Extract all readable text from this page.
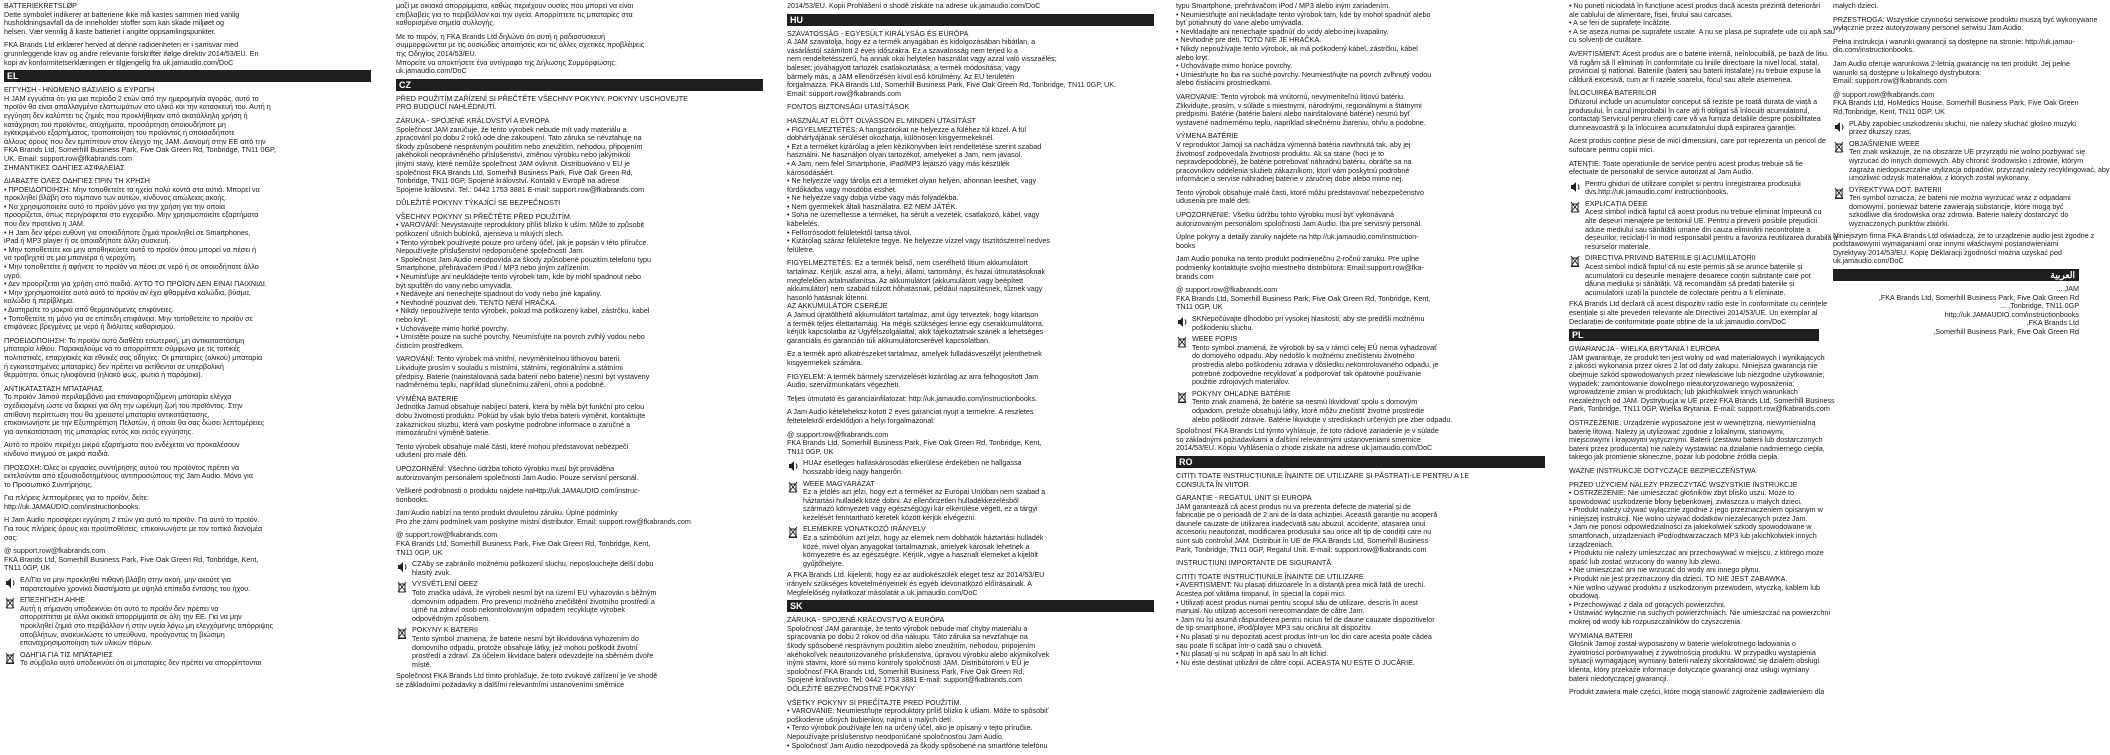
BATTERIEKRETSLØP
Dette symbolet indikerer at batteriene ikke må kastes sammen med vanlig
husholdningsavfall da de inneholder stoffer som kan skade miljøet og
helsen. Vær vennlig å kaste batteriet i angitte oppsamlingspunkter.

FKA Brands Ltd erklærer herved at denne radioenheten er i samsvar med
grunnleggende krav og andre relevante forskrifter ifølge direktiv 2014/53/EU. En
kopi av konformitetserklæringen er tilgjengelig fra uk.jamaudio.com/DoC
EL
ΕΓΓΥΗΣΗ - ΗΝΩΜΕΝΟ ΒΑΣΙΛΕΙΟ & ΕΥΡΩΠΗ
Η JAM εγγυάται ότι για μια περίοδο 2 ετών από την ημερομηνία αγοράς, αυτό το
προϊόν θα είναι απαλλαγμένο ελαττωμάτων στο υλικό και την κατασκευή του. Αυτή η
εγγύηση δεν καλύπτει τις ζημιές που προκλήθηκαν από ακατάλληλη χρήση ή
κατάχρηση του προϊόντος, ατυχήματα, προσάρτηση οποιουδήποτε μη
εγκεκριμένου εξαρτήματος, τροποποίηση του προϊόντος ή οποιασδήποτε
άλλους όρους που δεν εμπίπτουν στον έλεγχο της JAM. Διανομή στην ΕΕ από την
FKA Brands Ltd, Somerhill Business Park, Five Oak Green Rd, Tonbridge, TN11 0GP,
UK. Email: support.row@fkabrands.com
ΣΗΜΑΝΤΙΚΕΣ ΟΔΗΓΙΕΣ ΑΣΦΑΛΕΙΑΣ

ΔΙΑΒΑΣΤΕ ΟΛΕΣ ΟΔΗΓΙΕΣ ΠΡΙΝ ΤΗ ΧΡΗΣΗ
• ΠΡΟΕΙΔΟΠΟΙΗΣΗ: Μην τοποθετείτε τα ηχεία πολύ κοντά στα αυτιά. Μπορεί να
προκληθεί βλάβη στο τύμπανο των αυτιών, κίνδυνος απώλειας ακοής.
• Να χρησιμοποιείτε αυτό το προϊόν μόνο για την χρήση για την οποία
προορίζεται, όπως περιγράφεται στο εγχειρίδιο. Μην χρησιμοποιείτε εξαρτήματα
που δεν προτείνει η JAM.
• Η Jam δεν φέρει ευθύνη για οποιαδήποτε ζημιά προκληθεί σε Smartphones,
iPad ή MP3 player ή σε οποιαδήποτε άλλη συσκευή.
• Μην τοποθετείτε και μην αποθηκεύετε αυτό το προϊόν όπου μπορεί να πέσει ή
να τραβηχτεί σε μια μπανιέρα ή νεροχύτη.
• Μην τοποθετείτε ή αφήνετε το προϊόν να πέσει σε νερό ή σε οποιοδήποτε άλλο
υγρό.
• Δεν προορίζεται για χρήση από παιδιά. ΑΥΤΟ ΤΟ ΠΡΟΪΟΝ ΔΕΝ ΕΙΝΑΙ ΠΑΙΧΝΙΔΙ.
• Μην χρησιμοποιείτε αυτό αυτό το προϊόν αν έχει φθαρμένα καλώδια, βύσμα,
καλώδιο ή περίβλημα.
• Διατηρείτε το μακριά από θερμαινόμενες επιφάνειες.
• Τοποθετείτε τη μόνο για σε επίπεδη επιφάνεια. Μην τοποθετείτε το προϊόν σε
επιφάνειες βρεγμένες με νερό ή διάλυτες καθαρισμού.

ΠΡΟΕΙΔΟΠΟΙΗΣΗ: Το προϊόν αυτό διαθέτει εσωτερική, μη αντικαταστάσιμη
μπαταρία λιθίου. Παρακαλούμε να το απορρίπτετε σύμφωνα με τις τοπικές
πολιτιστικές, επαρχιακές και εθνικές σας οδηγίες. Οι μπαταρίες (ολικού) μπαταρία
ή εγκατεστημένες μπαταρίες) δεν πρέπει να εκτίθενται σε υπερβολική
θερμότητα, όπως ηλιοφάνεια (ηλιακό φως, φωτιά ή παρόμοια).

ΑΝΤΙΚΑΤΑΣΤΑΣΗ ΜΠΑΤΑΡΙΑΣ
Το προϊόν Jamού περιλαμβάνει μια επαναφορτιζόμενη μπαταρία ελέγχα
σχεδιασμένη ώστε να διαρκεί για όλη την ωφέλιμη ζωή του προϊόντος. Στην
απίθανη περίπτωση που θα χρειαστεί μπαταρία αντικατάστασης,
επικοινωνήστε με την Εξυπηρέτηση Πελατών, ή οποία θα σας δώσει λεπτομέρειες
για αντικατάσταση της μπαταρίας εντός και εκτός εγγύησης.

Αυτό το προϊόν περιέχει μικρά εξαρτήματα που ενδέχεται να προκαλέσουν
κίνδυνο πνιγμού σε μικρά παιδιά.

ΠΡΟΣΟΧΗ: Όλες οι εργασίες συντήρησης αυτού του προϊόντος πρέπει να
εκτελούνται από εξουσιοδοτημένους αντιπροσώπους της Jam Audio. Μόνο για
το Προσωπικό Συντήρησης.

Για πλήρεις λεπτομέρειες για το προϊόν, δείτε:
http://uk.JAMAUDIO.com/instructionbooks.

Η Jam Audio προσφέρει εγγύηση 2 ετών για αυτό το προϊόν. Για αυτό το προϊόν.
Για τους πλήρεις όρους και προϋποθέσεις, επικοινωνήστε με τον τοπικό διανομέα
σας:

@ support.row@fkabrands.com
FKA Brands Ltd, Somerhill Business Park, Five Oak Green Rd, Tonbridge, Kent,
TN11 0GP, UK
ΕΛ/Για να μην προκληθεί πιθανή βλάβη στην ακοή, μην ακούτε για
παρατεταμένα χρονικά διαστήματα με υψηλά επίπεδα έντασης του ήχου.
ΕΠΕΞΗΓΗΣΗ ΑΗΗΕ
Αυτή η σήμανση υποδεικνύει ότι αυτό το προϊόν δεν πρέπει να
απορρίπτεται με άλλα οικιακά απορρίμματα σε όλη την ΕΕ. Για να μην
προκληθεί ζημιά στο περιβάλλον ή στην υγεία λόγω μη ελεγχόμενης απόρριψης
αποβλήτων, ανακυκλώστε το υπεύθυνα, προάγοντας τη βιώσιμη
επαναχρησιμοποίηση των υλικών πόρων.
ΟΔΗΓΙΑ ΓΙΑ ΤΙΣ ΜΠΑΤΑΡΙΕΣ
Το σύμβολο αυτό υποδεικνύει ότι οι μπαταρίες δεν πρέπει να απορρίπτονται
μαζί με οικιακά απορρίμματα, καθώς περιέχουν ουσίες που μπορεί να είναι
επιβλαβείς για το περιβάλλον και την υγεία. Απορρίπτετε τις μπαταρίες στα
καθορισμένα σημεία συλλογής.

Με το παρόν, η FKA Brands Ltd δηλώνει ότι αυτή η ραδιοσυσκευή
συμμορφώνεται με τις ουσιώδεις απαιτήσεις και τις άλλες σχετικές προβλέψεις
της Οδηγίας 2014/53/EU.
Μπορείτε να αποκτήσετε ένα αντίγραφο της Δήλωσης Συμμόρφωσης:
uk.jamaudio.com/DoC
CZ
PŘED POUŽITÍM ZAŘÍZENÍ SI PŘEČTĚTE VŠECHNY POKYNY. POKYNY USCHOVEJTE
PRO BUDOUCÍ NAHLÉDNUTÍ.

ZÁRUKA - SPOJENÉ KRÁLOVSTVÍ A EVROPA
Společnost JAM zaručuje, že tento výrobek nebude mít vady materiálu a
zpracování po dobu 2 roků ode dne zakoupení. Tato záruka se nevztahuje na
škody způsobené nesprávným použitím nebo zneužitím, nehodou, připojením
jakéhokoli neoprávněného příslušenství, změnou výrobku nebo jakýmikoli
jinými stavy, které nemůže společnost JAM ovlivnit. Distribuováno v EU je
společnost FKA Brands Ltd, Somerhill Business Park, Five Oak Green Rd,
Tonbridge, TN11 0GP, Spojené království. Kontakt v Evropě na adrese
Spojené království. Tel.: 0442 1753 3881 E-mail: support.row@fkabrands.com

DŮLEŽITÉ POKYNY TÝKAJÍCÍ SE BEZPEČNOSTI

VŠECHNY POKYNY SI PŘEČTĚTE PŘED POUŽITÍM.
• VAROVÁNÍ: Nevystavujte reproduktory příliš blízko k uším. Může to způsobit
poškození ušních bubínků, ajenseva u mluých slech.
• Tento výrobek používejte pouze pro určený účel, jak je popsán v této příručce.
Nepoužívejte příslušenství nedoporučené společností Jam.
• Společnost Jam Audio neodpovídá za škody způsobené pouzitím telefonu typu
Smartphone, přehrávačem iPod / MP3 nebo jiným zařízením.
• Neumisťujte ani neukládejte tento výrobek tam, kde by mohl spadnout nebo
být spuštěn do vany nebo umyvadla.
• Nedávejte ani nenechejte spadnout do vody nebo jiné kapaliny.
• Nevhodné pouzivat deti. TENTO NENÍ HRAČKA.
• Nikdy nepoužívejte tento výrobek, pokud má poškozený kabel, zástrčku, kabel
nebo kryt.
• Uchovávejte mimo horké povrchy.
• Umístěte pouze na suché povrchy. Neumísťujte na povrch zvlhlý vodou nebo
čisticím prostředkem.

VAROVÁNÍ: Tento výrobek má vnitřní, nevyměnitelnou lithiovou baterii.
Likvidujte prosím v souladu s místními, státními, regionálními a státními
předpisy. Baterie (nainstalovaná sada baterií nebo baterie) nesmí být vystaveny
nadměrnému teplu, například slunečnímu záření, ohni a podobně.

VÝMĚNA BATERIE
Jednotka Jamud obsahuje nabíjecí baterii, která by měla být funkční pro celou
dobu životnosti produktu. Pokud by však bylo třeba baterii vyměnit, kontaktujte
zakaznickou sluzbu, která vam poskytne podrobne informace o zaručné a
mimozáruční výměně baterie.

Tento výrobek obsahuje malé části, které mohou představovat nebezpečí
udušení pro malé děti.

UPOZORNĚNÍ: Všechno údržba tohoto výrobku musí být prováděna
autorizovaným personálem společnosti Jam Audio. Pouze servisní personál.

Veškeré podrobnosti o produktu najdete naHttp://uk.JAMAUDIO.com/instruc-
tionbooks.

Jam Audio nabízí na tento produkt dvouletou záruku. Úplné podmínky
Pro zhe zárni podmínek vam poskytne místní distributor. Email: support.row@fkabrands.com

@ support.row@fkabrands.com
FKA Brands Ltd, Somerhill Business Park, Five Oak Green Rd, Tonbridge, Kent,
TN11 0GP, UK
CZAby se zabránilo možnému poškození sluchu, neposlouchejte delší dobu
hlasitý zvuk.
VYSVĚTLENÍ OEEZ
Toto značka udává, že výrobek nesmí být na území EU vyhazován s běžným
domovním odpadem. Pro prevenci možného znečištění životního prostředí a
újmě na zdraví osob nekontrolovaným odpadem recyklujte výrobek
odpovědným způsobem.
POKYNY K BATERII
Tento symbol znamena, že baterie nesmí být likvidována vyhozením do
domovního odpadu, protože obsahuje látky, jež mohou poškodit životní
prostředí a zdraví. Za účelem likvidace baterii odevzdejte na sběrném dvoře
místě.
Společnost FKA Brands Ltd tímto prohlašuje, že toto zvukové zařízení je ve shodě
se základními požadavky a dalšími relevantními ustanoveními směrnice
2014/53/EU. Kopii Prohlášení o shodě získáte na adrese uk.jamaudio.com/DoC
HU
SZAVATOSSÁG - EGYESÜLT KIRÁLYSÁG ÉS EURÓPA
A JAM szavatolja, hogy ez a termék anyagában és kidolgozásában hibátlan, a
vásárlástól számított 2 éves időszakra. Ez a szavatosság nem terjed ki a
nem rendeltetésszerű, ha annak okai helytelen használat vagy azzal való visszaélés;
baleset; jóváhagyott tartozék csatlakoztatása; a termék módosítása; vagy
bármely más, a JAM ellenőrzésén kívül eső körülmény. Az EU területén
forgalmazza: FKA Brands Ltd, Somerhill Business Park, Five Oak Green Rd, Tonbridge, TN11 0GP, UK.
Email: support.row@fkabrands.com

FONTOS BIZTONSÁGI UTASÍTÁSOK

HASZNÁLAT ELŐTT OLVASSON EL MINDEN UTASÍTÁST
• FIGYELMEZTETÉS: A hangszórókat ne helyezze a füléhez túl közel. A fül
dobhártyájának sérülését okozhatja, különösen kisgyermekeknél.
• Ezt a terméket kizárólag a jelen kézikönyvben leírt rendeltetése szerint szabad
használni. Ne használjon olyan tartozékot, amelyeket a Jam, nem javasol.
• A Jam, nem felel Smartphone, iPad/MP3 lejátszó vagy más készülék
károsodásáért.
• Ne helyezze vagy tárolja ezt a terméket olyan helyen, ahonnan leeshet, vagy
fürdőkádba vagy mosdóba esshet.
• Ne helyezze vagy dobja vízbe vagy más folyadékba.
• Nem gyermekek általi használatra. EZ NEM JÁTÉK.
• Soha ne üzemeltesse a terméket, ha sérült a vezeték, csatlakozó, kábel, vagy
kábelelés.
• Felforrósodott felületektől tartsa távol.
• Kizárólag száraz felületekre tegye. Ne helyezze vízzel vagy tisztítószerrel nedves
felületre.

FIGYELMEZTETÉS: Ez a termék belső, nem cserélhető lítium akkumulátort
tartalmaz. Kérjük, aszal arra, a helyi, állami, tartományi, és hazai útmutatásoknak
megfelelően ártalmatlanítsa. Az akkumulátort (akkumulátort vagy beépített
akkumulátor) nem szabad túlzott hőhatásnak, például napsütésnek, tűznek vagy
hasonló hatásnak kitenni.
AZ AKKUMULÁTOR CSERÉJE
A Jamud újratölthető akkumulátort tartalmaz, amit úgy terveztek, hogy kitartson
a termék teljes élettartamáig. Ha mégis szükséges lenne egy cserakkumulátorra,
kérjük kapcsolatba az Ügyfélszolgálattal, akik tájékoztatnak szánék a lehetséges
garanciális és garancián túli akkumulátorcserével kapcsolatban.

Ez a termék apró alkatrészeket tartalmaz, amelyek fulladásveszélyt jelenthetnek
kisgyermekek számára.

FIGYELEM: A termék bármely szervizelését kizárólag az arra felhogosított Jam
Audio, szervizmunkatárs végezheti.

Teljes útmutató és garanciainfilatozat: http://uk.jamaudio.com/instructionbooks.

A Jam Audio kételeheksz kotott 2 eves garanciat nyujt a termekre. A reszletes
feltetelekről erdeklődjon a helyi forgalmazonal:

@ support.row@fkabrands.com
FKA Brands Ltd, Somerhill Business Park, Five Oak Green Rd, Tonbridge, Kent,
TN11 0GP, UK
HUAz esetleges halláskárosodás elkerülése érdekében ne hallgassa
hosszabb ideig nagy hangerőn.
WEEE MAGYARÁZAT
Ez a jelölés azt jelzi, hogy ezt a terméket az Európai Unióban nem szabad a
háztartási hulladék közé dobni. Az ellenőrizetlen hulladékkezelésből
származó környezeti vagy egészségügyi kár elkerülése végett, ez a tárgyi
kezelését fenntartható keretek között kérjük elvégezni.
ELEMEKRE VONATKOZÓ IRÁNYELV
Ez a szimbólum azt jelzi, hogy az elemek nem dobhatók háztartási hulladék
közé, mivel olyan anyagokat tartalmaznak, amelyek károsak lehetnek a
környezetre és az egészségre. Kérjük, vigye a hasznalt elemeket a kijelölt
gyűjtőhelyre.
A FKA Brands Ltd. kijelenti, hogy ez az audiokészülék eleget tesz az 2014/53/EU
irányelv szükséges követelményeinek és egyéb idevonatkozó előírásainak. A
Megfelelőség nyilatkozat másolatát a uk.jamaudio.com/DoC
SK
ZÁRUKA - SPOJENÉ KRÁĽOVSTVO A EURÓPA
Spoločnosť JAM garantuje, že tento výrobok nebude mať chyby materiálu a
spracovania po dobu 2 rokov od dňa nákupu. Táto záruka sa nevzťahuje na
škody spôsobené nesprávnym použitím alebo zneužitím, nehodou, pripojením
akéhokoľvek neautorizovaného príslušenstva, úpravou výrobku alebo akýmikoľvek
inými stavmi, ktoré sú mimo kontroly spoločnosti JAM. Distribútorom v EÚ je
spoločnosť FKA Brands Ltd, Somerhill Business Park, Five Oak Green Rd,
Spojené kráľovstvo. Tel: 0442 1753 3881 E-mail: support@fkabrands.com
DÔLEŽITÉ BEZPEČNOSTNÉ POKYNY

VŠETKY POKYNY SI PREČÍTAJTE PRED POUŽITÍM.
• VAROVANIE: Neumiestňujte reproduktory príliš blízko k ušiam. Môže to spôsobiť
poškodenie ušných bubienkov, najmä u malých detí.
• Tento výrobok používajte len na určený účel, ako je opísaný v tejto príručke.
Nepoužívajte príslušenstvo neodporúčané spoločnosťou Jam Audio.
• Spoločnosť Jam Audio nezodpovedá za škody spôsobené na smartfóne telefónu
typu Smartphone, prehrávačom iPod / MP3 alebo iným zariadením.
• Neumiestňujte ani neukladajte tento výrobok tam, kde by mohol spadnúť alebo
byť potiahnutý do vane alebo umývadla.
• Nevkladajte ani nenechajte spadnúť do vody alebo inej kvapaliny.
• Nevhodné pre deti. TOTO NIE JE HRAČKA.
• Nikdy nepoužívajte tento výrobok, ak má poškodený kábel, zástrčku, kábel
alebo kryt.
• Uchovávajte mimo horúce povrchy.
• Umiestňujte ho iba na suché povrchy. Neumiestňujte na povrch zvlhnutý vodou
alebo čistiacimi prostriedkami.

VAROVANIE: Tento výrobok má vnútornú, nevymeniteľnú lítiovú batériu.
Zlikvidujte, prosím, v súlade s miestnymi, národnými, regionálnymi a štátnymi
predpismi. Batérie (batérie balení alebo nainštalované batérie) nesmú byť
vystavené nadmernému teplu, napríklad slnečnému žiareniu, ohňu a podobne.

VÝMENA BATÉRIE
V reproduktor Jamoji sa nachádza výmenná batéria navrhnutá tak, aby jej
životnosť zodpovedala životnosti produktu. Ak sa stane (hoci je to
nepravdepodobné), že batérie potrebovať náhradnú batériu, obráťte sa na
pracovníkov oddelenia služieb zákazníkom, ktorí vám poskytnú podrobné
informácie o servise náhradnej batérie v záručnej dobe alebo mimo nej.

Tento výrobok obsahuje malé časti, ktoré môžu predstavovať nebezpečenstvo
udusenia pre malé deti.

UPOZORNENIE: Všetku údržbu tohto výrobku musí byť vykonávaná
autorizovaným personálom spoločnosti Jam Audio. Iba pre servisný personál.

Úplne pokyny a detaily zaruky najdete na http://uk.jamaudio.com/instruction-
books

Jam Audio ponuka na tento produkt podmienečnu 2-ročnú zaruku. Pre uplne
podmienky kontaktujte svojho miestneho distribútora: Email:support.row@fka-
brands.com

@ support.row@fkabrands.com
FKA Brands Ltd, Somerhill Business Park, Five Oak Green Rd, Tonbridge, Kent,
TN11 0GP, UK
SKNepočúvajte dlhodobo pri vysokej hlasitosti, aby ste predišli možnému
poškodeniu sluchu.
WEEE POPIS
Tento symbol znamená, že výrobok by sa v rámci celej EÚ nema vyhadzovať
do domového odpadu. Aby nedošlo k možnému znečisteniu životného
prostredia alebo poškodeniu zdravia v dôsledku nekontrolovaného odpadu, je
potrebné zodpovedne recyklovať a podporovať tak opätovné používanie
použitie zdrojových materiálov.
POKYNY OHĽADNE BATÉRIE
Tento znak znamená, že batérie sa nesmú likvidovať spolu s domovým
odpadom, pretože obsahujú látky, ktoré môžu znečistiť životné prostredie
alebo poškodiť zdravie. Batérie likvidujte v stredískach určených pre zber odpadu.
Spoločnosť FKA Brands Ltd týmto vyhlasuje, že toto rádiové zariadenie je v súlade
so základnými požiadavkami a ďalšími relevantnými ustanoveniami smernice
2014/53/EU. Kópiu Vyhlásenia o zhode získate na adrese uk.jamaudio.com/DoC
RO
CITIȚI TOATE INSTRUCȚIUNILE ÎNAINTE DE UTILIZARE ȘI PĂSTRAȚI-LE PENTRU A LE
CONSULTA ÎN VIITOR.

GARANȚIE - REGATUL UNIT ȘI EUROPA
JAM garantează că acest produs nu va prezenta defecte de material și de
fabricație pe o perioadă de 2 ani de la data achiziției. Această garanție nu acoperă
daunele cauzate de utilizarea inadecvată sau abuzul, accidente, atașarea unui
accesoriu neautorizat, modificarea produsului sau orice alt tip de condiții care nu
sunt sub controlul JAM. Distribuit în UE de FKA Brands Ltd, Somerhill Business
Park, Tonbridge, TN11 0GP, Regatul Unit. E-mail: support.row@fkabrands.com

INSTRUCȚIUNI IMPORTANTE DE SIGURANȚĂ

CITIȚI TOATE INSTRUCȚIUNILE ÎNAINTE DE UTILIZARE
• AVERTISMENT: Nu plasați difuzoarele în a distanță prea mică față de urechi.
Acestea pot vătăma timpanul, în special la copiii mici.
• Utilizați acest produs numai pentru scopul său de utilizare, descris în acest
manual. Nu utilizați accesorii nerecomandate de către Jam.
• Jam nu își asumă răspunderea pentru niciun fel de daune cauzate dispozitivelor
de tip smartphone, iPod/player MP3 sau oricărui alt dispozitiv.
• Nu plasați și nu depozitați acest produs într-un loc din care acesta poate cădea
sau poate fi scăpat într-o cadă sau o chiuvetă.
• Nu plasați și nu scăpați în apă sau în alt lichid.
• Nu este destinat utilizării de către copii. ACEASTA NU ESTE O JUCĂRIE.
• Nu puneți niciodată în funcțiune acest produs dacă acesta prezintă deteriorări
ale cablului de alimentare, fișei, firului sau carcasei.
• A se feri de suprafețe încălzite.
• A se așeza numai pe suprafețe uscate. A nu se plasa pe suprafețe ude cu apă sau
cu solvenți de curățare.

AVERTISMENT: Acest produs are o baterie internă, neînlocuibilă, pe bază de litiu.
Vă rugăm să îl eliminați în conformitate cu liniile directoare la nivel local, statal,
provincial și național. Bateriile (baterii sau baterii instalate) nu trebuie expuse la
căldură excesivă, cum ar fi razele soarelui, focul sau altele asemenea.

ÎNLOCUIREA BATERIILOR
Difuzorul include un acumulator conceput să reziste pe toată durata de viață a
produsului. În cazul improbabil în care aţi fi obligat să înlocuiți acumulatorul,
contactaţi Serviciul pentru clienţi care vă va furniza detaliile despre posibilitatea
dumneavoastră şi la înlocuirea acumulatorului după expirarea garanţiei.

Acest produs conține piese de mici dimensiuni, care pot reprezenta un pericol de
sufocare pentru copiii mici.

ATENȚIE: Toate operațiunile de service pentru acest produs trebuie să fie
efectuate de personalul de service autorizat al Jam Audio.
Pentru ghiduri de utilizare complet și pentru înregistrarea produsului
dvs.http://uk.jamaudio.com/ instructionbooks.
EXPLICAȚIA DEEE
Acest simbol indică faptul că acest produs nu trebuie eliminat împreună cu
alte deșeuri menajere pe teritoriul UE. Pentru a preveni posibile prejudicii
aduse mediului sau sănătății umane din cauza eliminării necontrolate a
deșeurilor, reciclați-l în mod responsabil pentru a favoriza reutilizarea durabilă a
resurselor materiale.
DIRECTIVA PRIVIND BATERIILE ȘI ACUMULATORII
Acest simbol indică faptul că nu este permis să se arunce bateriile și
acumulatorii cu deșeurile menajere deoarece conțin substanțe care pot
dăuna mediului și sănătății. Vă recomandăm să predați bateriile și
acumulatorii uzați la punctele de colectare pentru a fi eliminate.
FKA Brands Ltd declară că acest dispozitiv radio este în conformitate cu cerințele
esențiale și alte prevederi relevante ale Directivei 2014/53/UE. Un exemplar al
Declarației de conformitate poate obține de la uk.jamaudio.com/DoC
PL
GWARANCJA - WIELKA BRYTANIA I EUROPA
JAM gwarantuje, że produkt ten jest wolny od wad materiałowych i wynikających
z jakości wykonania przez okres 2 lat od daty zakupu. Niniejsza gwarancja nie
obejmuje szkód spowodowanych przez niewłaściwe lub niezgodne użytkowanie;
wypadek; zamontowanie dowolnego nieautoryzowanego wyposażenia;
wprowadzenie zmian w produktach; lub jakichkolwiek innych warunkach
niezależnych od JAM. Dystrybucja w UE przez FKA Brands Ltd, Somerhill Business
Park, Tonbridge, TN11 0GP, Wielka Brytania. E-mail: support.row@fkabrands.com

OSTRZEŻENIE: Urządzenie wyposażone jest w wewnętrzną, niewymienialną
baterię litową. Należy ją utylizować zgodnie z lokalnymi, stanowymi,
miejscowymi i krajowymi wytycznymi. Baterii (zestawu baterii lub dostarczonych
baterii przez producenta) nie należy wystawiać na działanie nadmiernego ciepła,
takiego jak promienie słoneczne, pożar lub podobne źródła ciepła.

WAŻNE INSTRUKCJE DOTYCZĄCE BEZPIECZEŃSTWA

PRZED UŻYCIEM NALEŻY PRZECZYTAĆ WSZYSTKIE INSTRUKCJE
• OSTRZEŻENIE: Nie umieszczać głośników zbyt blisko uszu. Może to
spowodować uszkodzenie błony bębenkowej, zwłaszcza u małych dzieci.
• Produkt należy używać wyłącznie zgodnie z jego przeznaczeniem opisanym w
niniejszej instrukcji. Nie wolno używać dodatków niezalecanych przez Jam.
• Jam nie ponosi odpowiedzialności za jakiekolwiek szkody spowodowane w
smartfonach, urządzeniach iPod/odtwarzaczach MP3 lub jakichkolwiek innych
urządzeniach.
• Produktu nie należy umieszczać ani przechowywać w miejscu, z którego może
spaść lub zostać wrzucony do wanny lub zlewu.
• Nie umieszczać ani nie wrzucać do wody ani innego płynu.
• Produkt nie jest przeznaczony dla dzieci. TO NIE JEST ZABAWKA.
• Nie wolno używać produktu z uszkodzonym przewodem, wtyczką, kablem lub
obudową.
• Przechowywać z dala od gorących powierzchni.
• Ustawiać wyłącznie na suchych powierzchniach. Nie umieszczać na powierzchni
mokrej od wody lub rozpuszczalników do czyszczenia.

WYMIANA BATERII
Głośnik Jamoji został wyposażony w baterie wielokrotnego ładowania o
żywotności porównywalnej z żywotnością produktu. W przypadku wystąpienia
sytuacji wymagającej wymiany baterii należy skontaktować się działem obsługi
klienta, który przekaże informacje dotyczące gwarancji oraz usługi wymiany
baterii niedotyczącej gwarancji.

Produkt zawiera małe części, które mogą stanowić zagrożenie zadławieniem dla
małych dzieci.

PRZESTROGA: Wszystkie czynności serwisowe produktu muszą być wykonywane
wyłącznie przez autoryzowany personel serwisu Jam Audio.

Pełna instrukcja i warunki gwarancji są dostępne na stronie: http://uk.jamau-
dio.com/instructionbooks.

Jam Audio oferuje warunkowa 2-letnią gwarancję na ten produkt. Jej pełne
warunki są dostępne u lokalnego dystrybutora:
Email: support.row@fkabrands.com

@ support.row@fkabrands.com
FKA Brands Ltd, HoMedics House, Somerhill Business Park, Five Oak Green
Rd,Tonbridge, Kent, TN11 0GP, UK
PLAby zapobiec uszkodzeniu słuchu, nie należy słuchać głośno muzyki
przez dłuższy czas.
OBJAŚNIENIE WEEE
Ten znak wskazuje, że na obszarze UE przyrządu nie wolno pozbywać się
wyrzucać do innych domowych. Aby chronić środowisko i zdrowie, którym
zagraża niedopuszczalne utylizacja odpadów, przyrząd należy recyklingować, aby
umożliwić odzysk materiałów, z których został wykonany.
DYREKTYWA DOT. BATERII
Ten symbol oznacza, że baterii nie można wyrzucać wraz z odpadami
domowymi, ponieważ baterie zawierają substancje, które mogą być
szkodliwe dla środowiska oraz zdrowia. Baterie należy dostarczyć do
wyznaczonych punktów zbiórki.
Niniejszym firma FKA Brands Ltd oświadcza, że to urządzenie audio jest zgodne z
podstawowymi wymaganiami oraz innymi właściwymi postanowieniami
Dyrektywy 2014/53/EU. Kopię Deklaracji zgodności można uzyskać pod
uk.jamaudio.com/DoC
العربية
JAM ...
FKA Brands Ltd, Somerhill Business Park, Five Oak Green Rd,
Tonbridge, TN11 0GP, ...
http://uk.JAMAUDIO.com/instructionbooks
FKA Brands Ltd,
Somerhill Business Park, Five Oak Green Rd,
